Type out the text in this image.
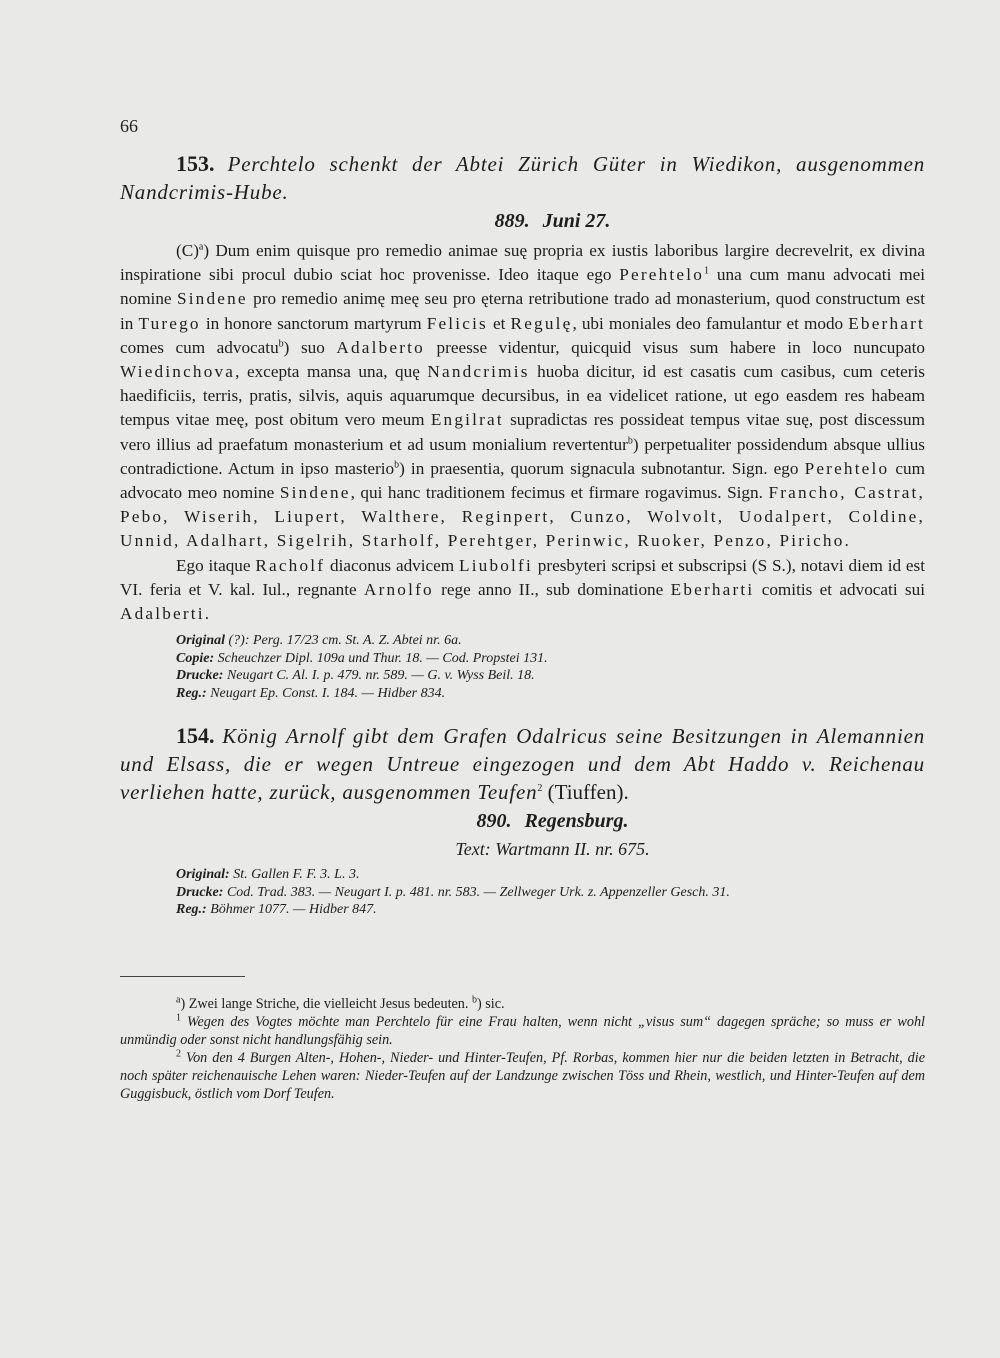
66

153. Perchtelo schenkt der Abtei Zürich Güter in Wiedikon, ausgenommen Nandcrimis-Hube.

889. Juni 27.

$(C)^a$) Dum enim quisque pro remedio animae suę propria ex iustis laboribus largire decrevelrit, ex divina inspiratione sibi procul dubio sciat hoc provenisse. Ideo itaque ego Perehtelo$^1$ una cum manu advocati mei nomine Sindene pro remedio animę meę seu pro ęterna retributione trado ad monasterium, quod constructum est in Turego in honore sanctorum martyrum Felicis et Regulę, ubi moniales deo famulantur et modo Eberhart comes cum advocatu$^b$) suo Adalberto preesse videntur, quicquid visus sum habere in loco nuncupato Wiedinchova, excepta mansa una, quę Nandcrimis huoba dicitur, id est casatis cum casibus, cum ceteris haedificiis, terris, pratis, silvis, aquis aquarumque decursibus, in ea videlicet ratione, ut ego easdem res habeam tempus vitae meę, post obitum vero meum Engilrat supradictas res possideat tempus vitae suę, post discessum vero illius ad praefatum monasterium et ad usum monialium revertentur$^b$) perpetualiter possidendum absque ullius contradictione. Actum in ipso masterio$^b$) in praesentia, quorum signacula subnotantur. Sign. ego Perehtelo cum advocato meo nomine Sindene, qui hanc traditionem fecimus et firmare rogavimus. Sign. Francho, Castrat, Pebo, Wiserih, Liupert, Walthere, Reginpert, Cunzo, Wolvolt, Uodalpert, Coldine, Unnid, Adalhart, Sigelrih, Starholf, Perehtger, Perinwic, Ruoker, Penzo, Piricho.

Ego itaque Racholf diaconus advicem Liubolfi presbyteri scripsi et subscripsi (S S.), notavi diem id est VI. feria et V. kal. Iul., regnante Arnolfo rege anno II., sub dominatione Eberharti comitis et advocati sui Adalberti.

Original (?): Perg. 17/23 cm. St. A. Z. Abtei nr. 6a.
Copie: Scheuchzer Dipl. 109a und Thur. 18. — Cod. Propstei 131.
Drucke: Neugart C. Al. I. p. 479. nr. 589. — G. v. Wyss Beil. 18.
Reg.: Neugart Ep. Const. I. 184. — Hidber 834.

154. König Arnolf gibt dem Grafen Odalricus seine Besitzungen in Alemannien und Elsass, die er wegen Untreue eingezogen und dem Abt Haddo v. Reichenau verliehen hatte, zurück, ausgenommen Teufen$^2$ (Tiuffen).

890. Regensburg.
Text: Wartmann II. nr. 675.
Original: St. Gallen F. F. 3. L. 3.
Drucke: Cod. Trad. 383. — Neugart I. p. 481. nr. 583. — Zellweger Urk. z. Appenzeller Gesch. 31.
Reg.: Böhmer 1077. — Hidber 847.

$^a$) Zwei lange Striche, die vielleicht Jesus bedeuten. $^b$) sic.

$^1$ Wegen des Vogtes möchte man Perchtelo für eine Frau halten, wenn nicht „visus sum“ dagegen spräche; so muss er wohl unmündig oder sonst nicht handlungsfähig sein.

$^2$ Von den 4 Burgen Alten-, Hohen-, Nieder- und Hinter-Teufen, Pf. Rorbas, kommen hier nur die beiden letzten in Betracht, die noch später reichenauische Lehen waren: Nieder-Teufen auf der Landzunge zwischen Töss und Rhein, westlich, und Hinter-Teufen auf dem Guggisbuck, östlich vom Dorf Teufen.
